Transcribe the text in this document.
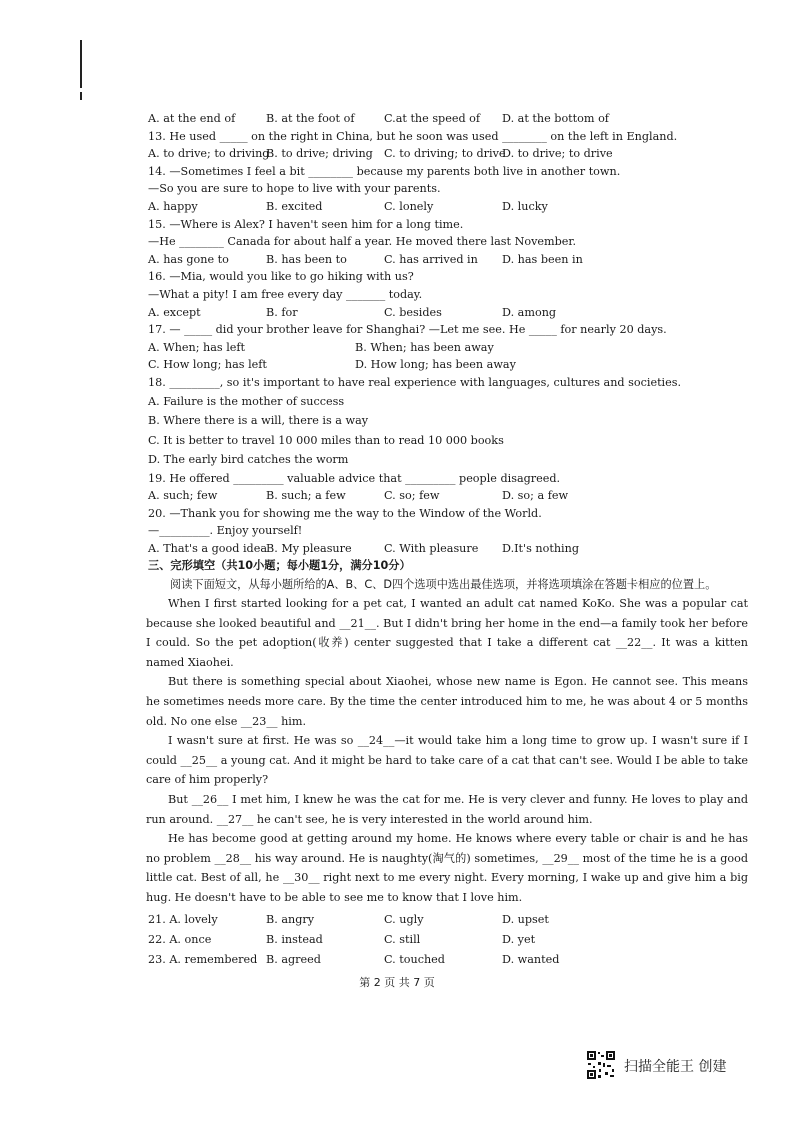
A. at the end of	B. at the foot of	C.at the speed of	D. at the bottom of
13. He used _____ on the right in China, but he soon was used ________ on the left in England.
A. to drive; to driving
B. to drive; driving C. to driving; to drive
D. to drive; to drive
14. —Sometimes I feel a bit ________ because my parents both live in another town.
—So you are sure to hope to live with your parents.
A. happy	B. excited	C. lonely	D. lucky
15. —Where is Alex? I haven't seen him for a long time.
—He ________ Canada for about half a year. He moved there last November.
A. has gone to	B. has been to	C. has arrived in	D. has been in
16. —Mia, would you like to go hiking with us?
—What a pity! I am free every day _______ today.
A. except	B. for	C. besides	D. among
17. — _____ did your brother leave for Shanghai? —Let me see. He _____ for nearly 20 days.
A. When; has left	B. When; has been away
C. How long; has left	D. How long; has been away
18. _________, so it's important to have real experience with languages, cultures and societies.
A. Failure is the mother of success
B. Where there is a will, there is a way
C. It is better to travel 10 000 miles than to read 10 000 books
D. The early bird catches the worm
19. He offered _________ valuable advice that _________ people disagreed.
A. such; few	B. such; a few	C. so; few	D. so; a few
20. —Thank you for showing me the way to the Window of the World.
—_________. Enjoy yourself!
A. That's a good idea
B. My pleasure	C. With pleasure	D.It's nothing
三、完形填空（共10小题；每小题1分，满分10分）
阅读下面短文，从每小题所给的A、B、C、D四个选项中选出最佳选项，并将选项填涂在答题卡相应的位置上。
When I first started looking for a pet cat, I wanted an adult cat named KoKo. She was a popular cat because she looked beautiful and __21__. But I didn't bring her home in the end—a family took her before I could. So the pet adoption(收养) center suggested that I take a different cat __22__. It was a kitten named Xiaohei.
But there is something special about Xiaohei, whose new name is Egon. He cannot see. This means he sometimes needs more care. By the time the center introduced him to me, he was about 4 or 5 months old. No one else __23__ him.
I wasn't sure at first. He was so __24__—it would take him a long time to grow up. I wasn't sure if I could __25__ a young cat. And it might be hard to take care of a cat that can't see. Would I be able to take care of him properly?
But __26__ I met him, I knew he was the cat for me. He is very clever and funny. He loves to play and run around. __27__ he can't see, he is very interested in the world around him.
He has become good at getting around my home. He knows where every table or chair is and he has no problem __28__ his way around. He is naughty(淘气的) sometimes, __29__ most of the time he is a good little cat. Best of all, he __30__ right next to me every night. Every morning, I wake up and give him a big hug. He doesn't have to be able to see me to know that I love him.
21. A. lovely	B. angry	C. ugly	D. upset
22. A. once	B. instead	C. still	D. yet
23. A. remembered B. agreed	C. touched	D. wanted
第 2 页 共 7 页
扫描全能王 创建
